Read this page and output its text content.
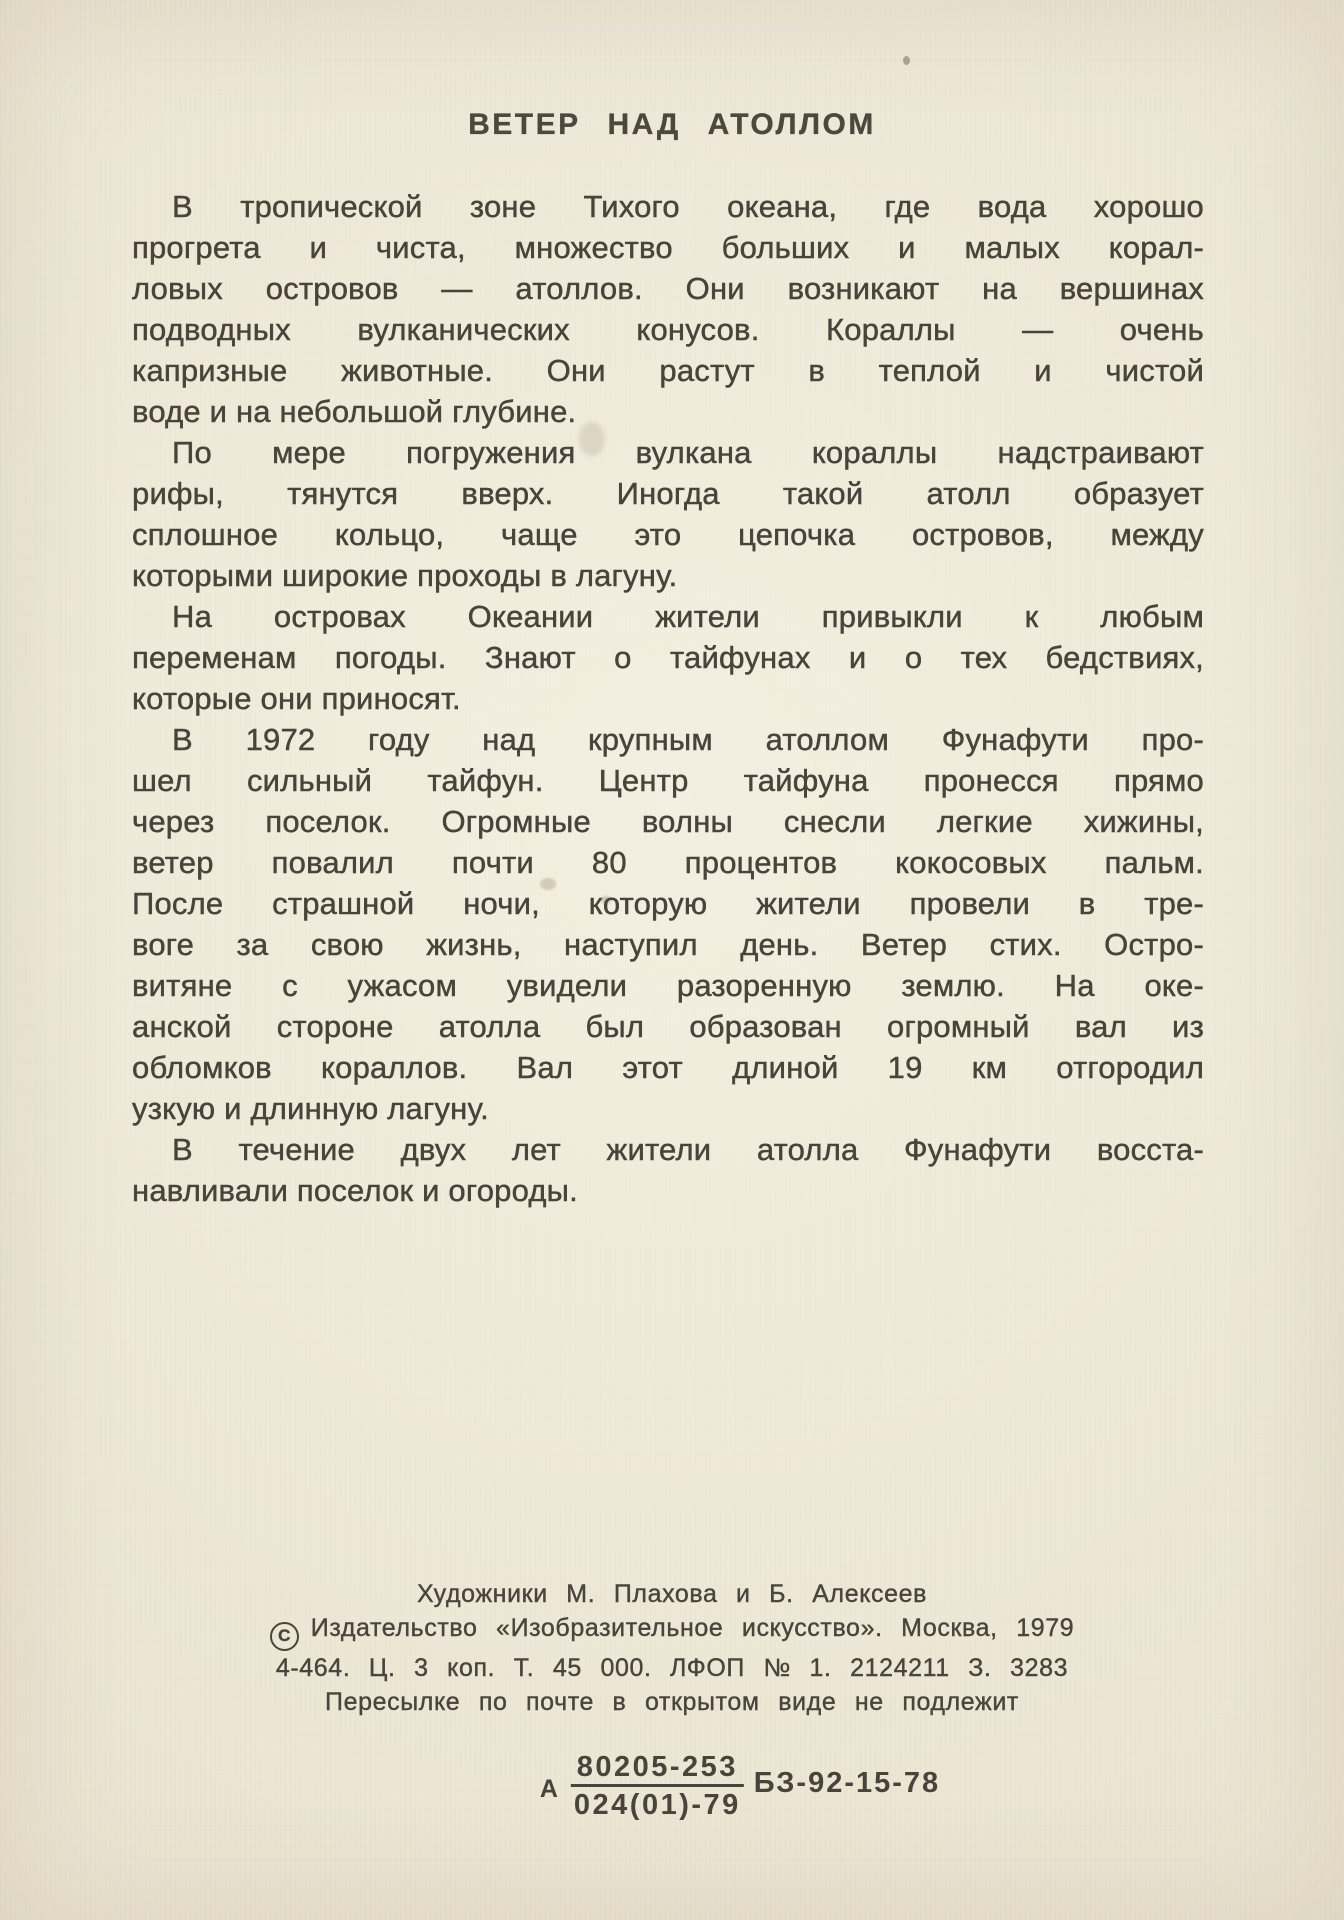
ВЕТЕР НАД АТОЛЛОМ
В тропической зоне Тихого океана, где вода хорошо
прогрета и чиста, множество больших и малых корал-
ловых островов — атоллов. Они возникают на вершинах
подводных вулканических конусов. Кораллы — очень
капризные животные. Они растут в теплой и чистой
воде и на небольшой глубине.
По мере погружения вулкана кораллы надстраивают
рифы, тянутся вверх. Иногда такой атолл образует
сплошное кольцо, чаще это цепочка островов, между
которыми широкие проходы в лагуну.
На островах Океании жители привыкли к любым
переменам погоды. Знают о тайфунах и о тех бедствиях,
которые они приносят.
В 1972 году над крупным атоллом Фунафути про-
шел сильный тайфун. Центр тайфуна пронесся прямо
через поселок. Огромные волны снесли легкие хижины,
ветер повалил почти 80 процентов кокосовых пальм.
После страшной ночи, которую жители провели в тре-
воге за свою жизнь, наступил день. Ветер стих. Остро-
витяне с ужасом увидели разоренную землю. На оке-
анской стороне атолла был образован огромный вал из
обломков кораллов. Вал этот длиной 19 км отгородил
узкую и длинную лагуну.
В течение двух лет жители атолла Фунафути восста-
навливали поселок и огороды.
Художники М. Плахова и Б. Алексеев
С Издательство «Изобразительное искусство». Москва, 1979
4-464. Ц. 3 коп. Т. 45 000. ЛФОП № 1. 2124211 З. 3283
Пересылке по почте в открытом виде не подлежит
А $\frac{80205-253}{024(01)-79} БЗ-92-15-78$
